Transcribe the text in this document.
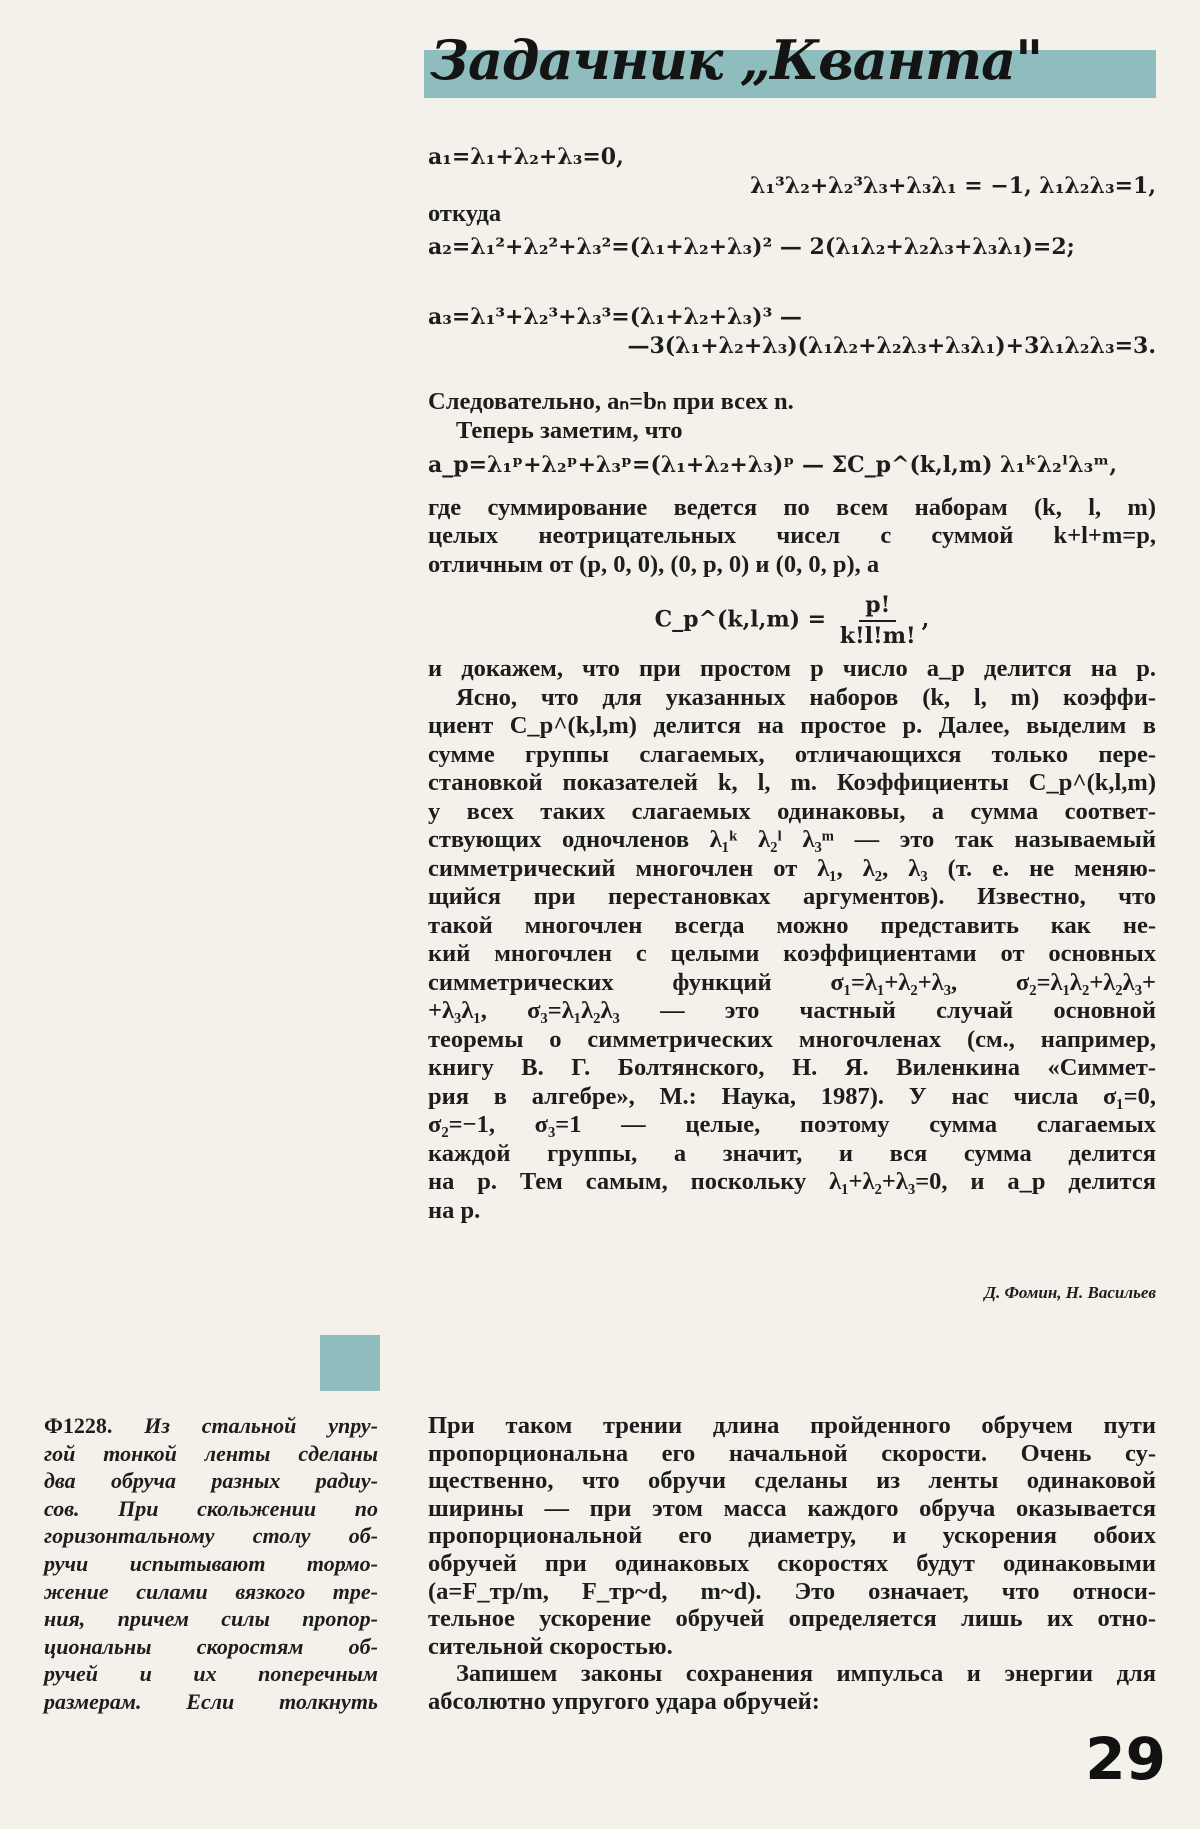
Задачник „Кванта"
a₁=λ₁+λ₂+λ₃=0,
λ₁³λ₂+λ₂³λ₃+λ₃λ₁ = −1, λ₁λ₂λ₃=1,
откуда
a₂=λ₁²+λ₂²+λ₃²=(λ₁+λ₂+λ₃)² — 2(λ₁λ₂+λ₂λ₃+λ₃λ₁)=2;
a₃=λ₁³+λ₂³+λ₃³=(λ₁+λ₂+λ₃)³ —
—3(λ₁+λ₂+λ₃)(λ₁λ₂+λ₂λ₃+λ₃λ₁)+3λ₁λ₂λ₃=3.
Следовательно, aₙ=bₙ при всех n.
Теперь заметим, что
a_p=λ₁ᵖ+λ₂ᵖ+λ₃ᵖ=(λ₁+λ₂+λ₃)ᵖ — ΣC_p^(k,l,m) λ₁ᵏλ₂ˡλ₃ᵐ,
где суммирование ведется по всем наборам (k, l, m)
целых неотрицательных чисел с суммой k+l+m=p,
отличным от (p, 0, 0), (0, p, 0) и (0, 0, p), а
C_p^(k,l,m) = $\frac{p!}{k!l!m!}$ ,
и докажем, что при простом p число a_p делится на p.
Ясно, что для указанных наборов (k, l, m) коэффи-
циент C_p^(k,l,m) делится на простое p. Далее, выделим в
сумме группы слагаемых, отличающихся только пере-
становкой показателей k, l, m. Коэффициенты C_p^(k,l,m)
у всех таких слагаемых одинаковы, а сумма соответ-
ствующих одночленов λ₁ᵏ λ₂ˡ λ₃ᵐ — это так называемый
симметрический многочлен от λ₁, λ₂, λ₃ (т. е. не меняю-
щийся при перестановках аргументов). Известно, что
такой многочлен всегда можно представить как не-
кий многочлен с целыми коэффициентами от основных
симметрических функций σ₁=λ₁+λ₂+λ₃, σ₂=λ₁λ₂+λ₂λ₃+
+λ₃λ₁, σ₃=λ₁λ₂λ₃ — это частный случай основной
теоремы о симметрических многочленах (см., например,
книгу В. Г. Болтянского, Н. Я. Виленкина «Симмет-
рия в алгебре», М.: Наука, 1987). У нас числа σ₁=0,
σ₂=−1, σ₃=1 — целые, поэтому сумма слагаемых
каждой группы, а значит, и вся сумма делится
на p. Тем самым, поскольку λ₁+λ₂+λ₃=0, и a_p делится
на p.
Д. Фомин, Н. Васильев
Ф1228. Из стальной упру-
гой тонкой ленты сделаны
два обруча разных радиу-
сов. При скольжении по
горизонтальному столу об-
ручи испытывают тормо-
жение силами вязкого тре-
ния, причем силы пропор-
циональны скоростям об-
ручей и их поперечным
размерам. Если толкнуть
При таком трении длина пройденного обручем пути
пропорциональна его начальной скорости. Очень су-
щественно, что обручи сделаны из ленты одинаковой
ширины — при этом масса каждого обруча оказывается
пропорциональной его диаметру, и ускорения обоих
обручей при одинаковых скоростях будут одинаковыми
(a=F_тр/m, F_тр~d, m~d). Это означает, что относи-
тельное ускорение обручей определяется лишь их отно-
сительной скоростью.
Запишем законы сохранения импульса и энергии для
абсолютно упругого удара обручей:
29
